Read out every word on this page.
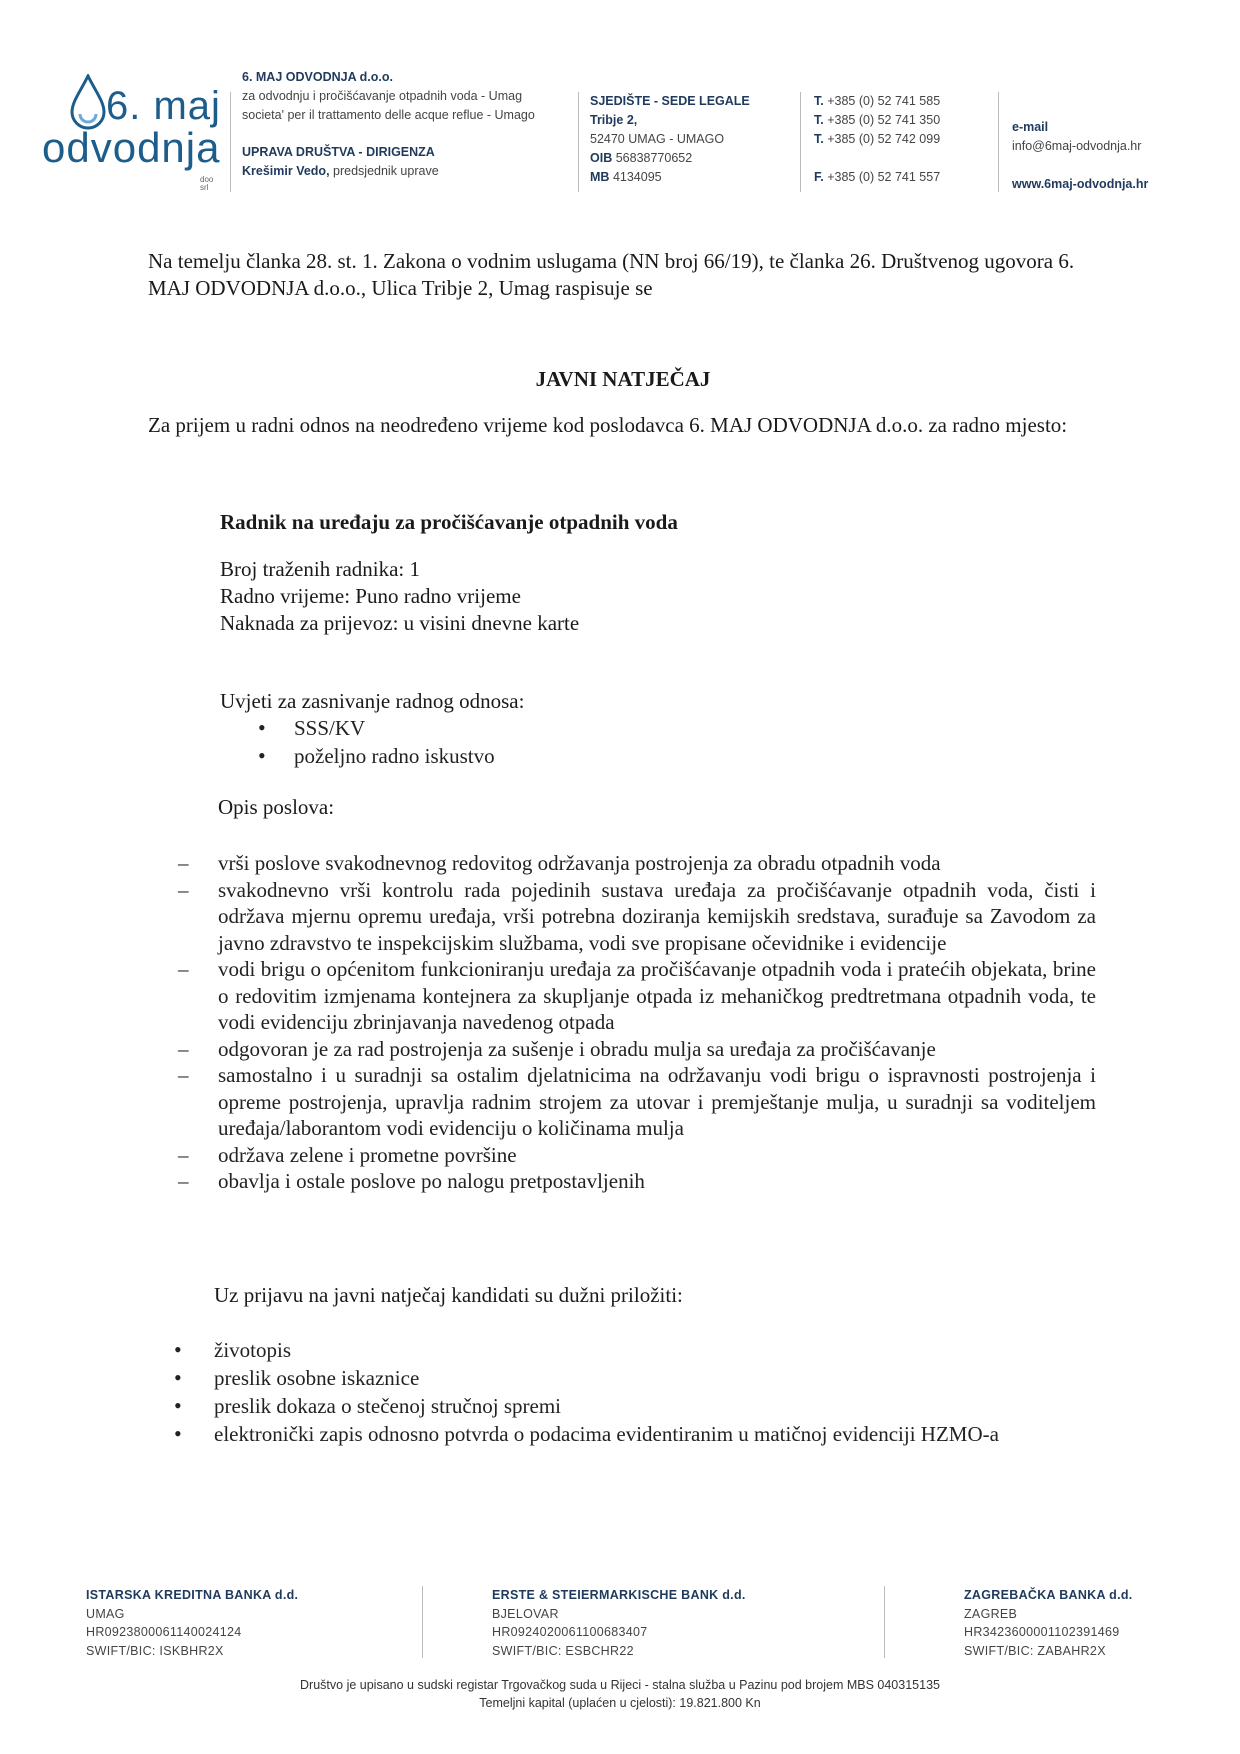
6. maj
odvodnja
doo
srl
6. MAJ ODVODNJA d.o.o.
za odvodnju i pročišćavanje otpadnih voda - Umag
societa' per il trattamento delle acque reflue - Umago
UPRAVA DRUŠTVA - DIRIGENZA
Krešimir Vedo, predsjednik uprave
SJEDIŠTE - SEDE LEGALE
Tribje 2,
52470 UMAG - UMAGO
OIB 56838770652
MB 4134095
T. +385 (0) 52 741 585
T. +385 (0) 52 741 350
T. +385 (0) 52 742 099
F. +385 (0) 52 741 557
e-mail
info@6maj-odvodnja.hr
www.6maj-odvodnja.hr
Na temelju članka 28. st. 1. Zakona o vodnim uslugama (NN broj 66/19), te članka 26. Društvenog ugovora 6. MAJ ODVODNJA d.o.o., Ulica Tribje 2, Umag raspisuje se
JAVNI NATJEČAJ
Za prijem u radni odnos na neodređeno vrijeme kod poslodavca 6. MAJ ODVODNJA d.o.o. za radno mjesto:
Radnik na uređaju za pročišćavanje otpadnih voda
Broj traženih radnika: 1
Radno vrijeme: Puno radno vrijeme
Naknada za prijevoz: u visini dnevne karte
Uvjeti za zasnivanje radnog odnosa:
• SSS/KV
• poželjno radno iskustvo
Opis poslova:
– vrši poslove svakodnevnog redovitog održavanja postrojenja za obradu otpadnih voda
– svakodnevno vrši kontrolu rada pojedinih sustava uređaja za pročišćavanje otpadnih voda, čisti i održava mjernu opremu uređaja, vrši potrebna doziranja kemijskih sredstava, surađuje sa Zavodom za javno zdravstvo te inspekcijskim službama, vodi sve propisane očevidnike i evidencije
– vodi brigu o općenitom funkcioniranju uređaja za pročišćavanje otpadnih voda i pratećih objekata, brine o redovitim izmjenama kontejnera za skupljanje otpada iz mehaničkog predtretmana otpadnih voda, te vodi evidenciju zbrinjavanja navedenog otpada
– odgovoran je za rad postrojenja za sušenje i obradu mulja sa uređaja za pročišćavanje
– samostalno i u suradnji sa ostalim djelatnicima na održavanju vodi brigu o ispravnosti postrojenja i opreme postrojenja, upravlja radnim strojem za utovar i premještanje mulja, u suradnji sa voditeljem uređaja/laborantom vodi evidenciju o količinama mulja
– održava zelene i prometne površine
– obavlja i ostale poslove po nalogu pretpostavljenih
Uz prijavu na javni natječaj kandidati su dužni priložiti:
• životopis
• preslik osobne iskaznice
• preslik dokaza o stečenoj stručnoj spremi
• elektronički zapis odnosno potvrda o podacima evidentiranim u matičnoj evidenciji HZMO-a
ISTARSKA KREDITNA BANKA d.d.
UMAG
HR0923800061140024124
SWIFT/BIC: ISKBHR2X
ERSTE & STEIERMARKISCHE BANK d.d.
BJELOVAR
HR0924020061100683407
SWIFT/BIC: ESBCHR22
ZAGREBAČKA BANKA d.d.
ZAGREB
HR3423600001102391469
SWIFT/BIC: ZABAHR2X
Društvo je upisano u sudski registar Trgovačkog suda u Rijeci - stalna služba u Pazinu pod brojem MBS 040315135
Temeljni kapital (uplaćen u cjelosti): 19.821.800 Kn
